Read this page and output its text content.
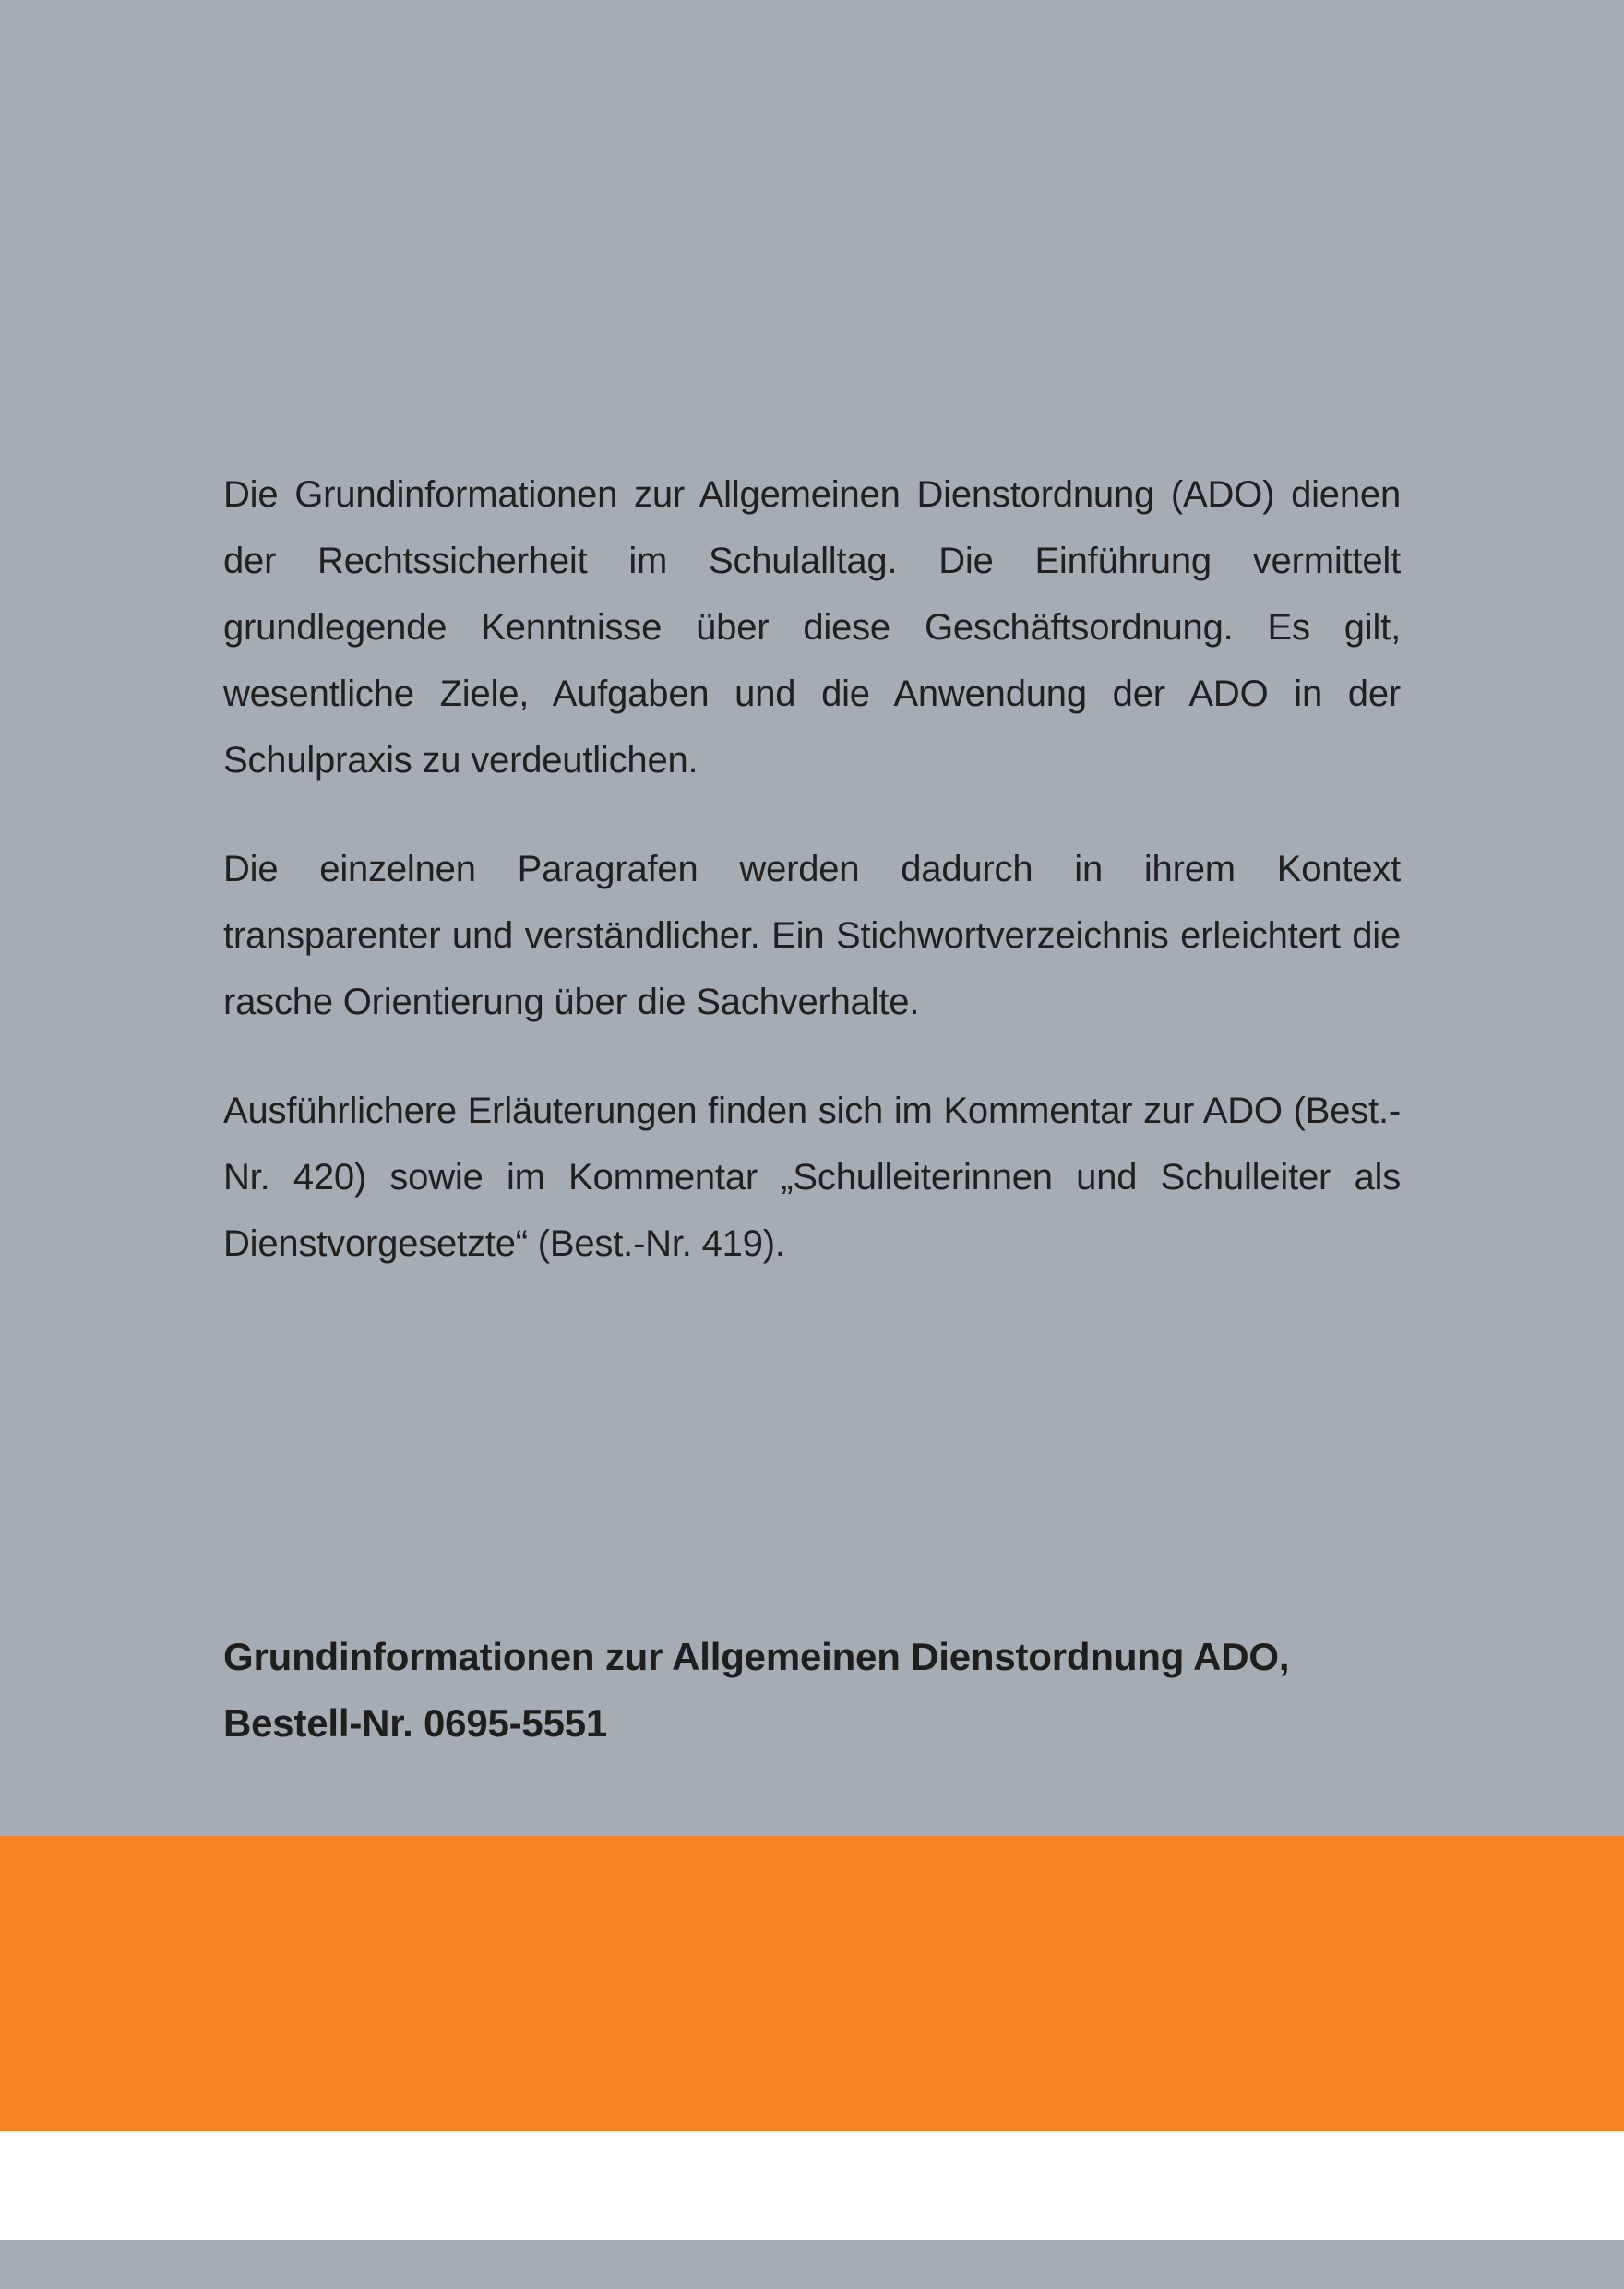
Die Grundinformationen zur Allgemeinen Dienstordnung (ADO) dienen der Rechtssicherheit im Schulalltag. Die Einführung vermittelt grundlegende Kenntnisse über diese Geschäftsordnung. Es gilt, wesentliche Ziele, Aufgaben und die Anwendung der ADO in der Schulpraxis zu verdeutlichen.

Die einzelnen Paragrafen werden dadurch in ihrem Kontext transparenter und verständlicher. Ein Stichwortverzeichnis erleichtert die rasche Orientierung über die Sachverhalte.

Ausführlichere Erläuterungen finden sich im Kommentar zur ADO (Best.-Nr. 420) sowie im Kommentar „Schulleiterinnen und Schulleiter als Dienstvorgesetzte“ (Best.-Nr. 419).

Grundinformationen zur Allgemeinen Dienstordnung ADO,
Bestell-Nr. 0695-5551
